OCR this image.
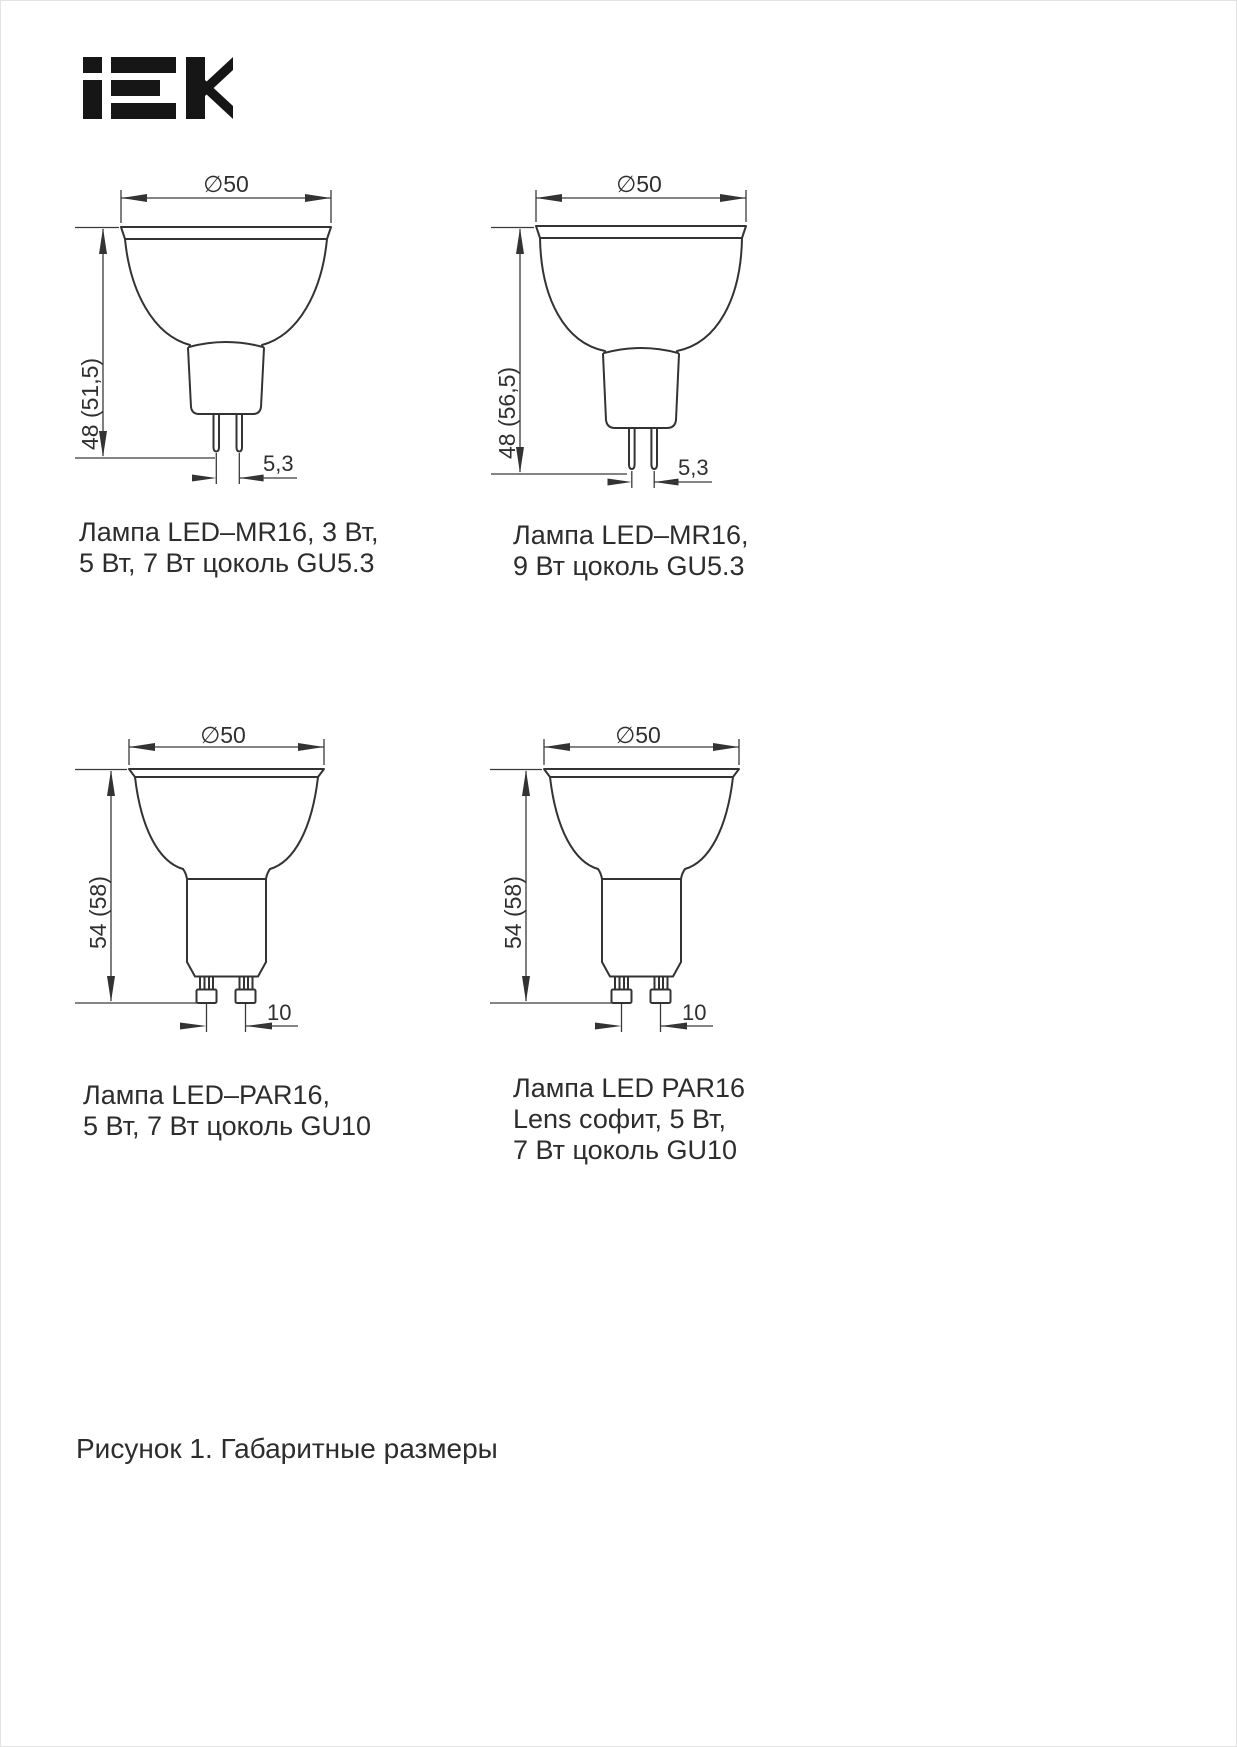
∅50
48 (51,5)
5,3
∅50
48 (56,5)
5,3
∅50
54 (58)
10
∅50
54 (58)
10
Лампа LED–MR16, 3 Вт,
5 Вт, 7 Вт цоколь GU5.3
Лампа LED–MR16,
9 Вт цоколь GU5.3
Лампа LED–PAR16,
5 Вт, 7 Вт цоколь GU10
Лампа LED PAR16
Lens софит, 5 Вт,
7 Вт цоколь GU10
Рисунок 1. Габаритные размеры
